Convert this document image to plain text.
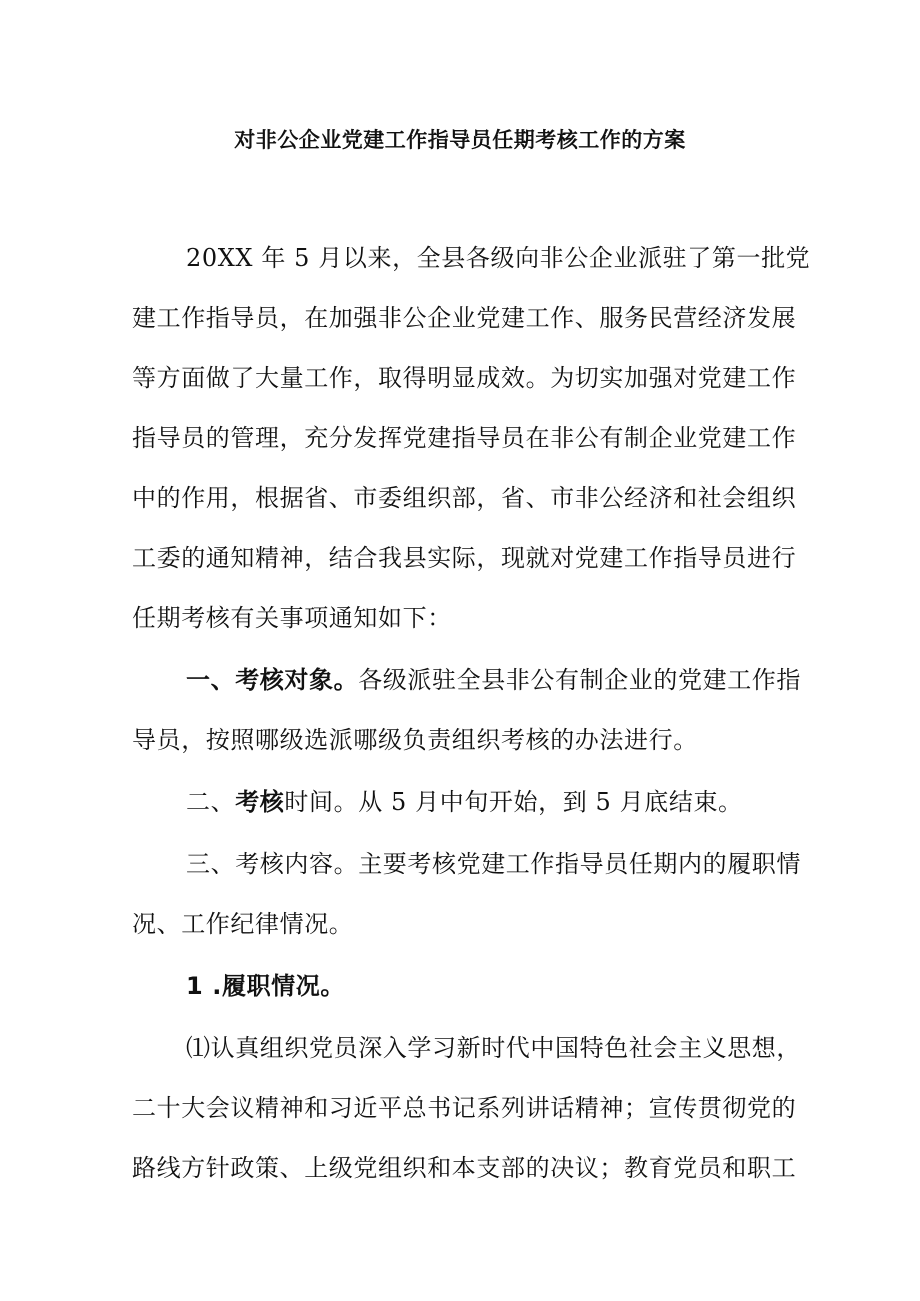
对非公企业党建工作指导员任期考核工作的方案
20XX 年 5 月以来，全县各级向非公企业派驻了第一批党
建工作指导员，在加强非公企业党建工作、服务民营经济发展
等方面做了大量工作，取得明显成效。为切实加强对党建工作
指导员的管理，充分发挥党建指导员在非公有制企业党建工作
中的作用，根据省、市委组织部，省、市非公经济和社会组织
工委的通知精神，结合我县实际，现就对党建工作指导员进行
任期考核有关事项通知如下：
一、考核对象。各级派驻全县非公有制企业的党建工作指
导员，按照哪级选派哪级负责组织考核的办法进行。
二、考核时间。从 5 月中旬开始，到 5 月底结束。
三、考核内容。主要考核党建工作指导员任期内的履职情
况、工作纪律情况。
1 .履职情况。
⑴认真组织党员深入学习新时代中国特色社会主义思想，
二十大会议精神和习近平总书记系列讲话精神；宣传贯彻党的
路线方针政策、上级党组织和本支部的决议；教育党员和职工
